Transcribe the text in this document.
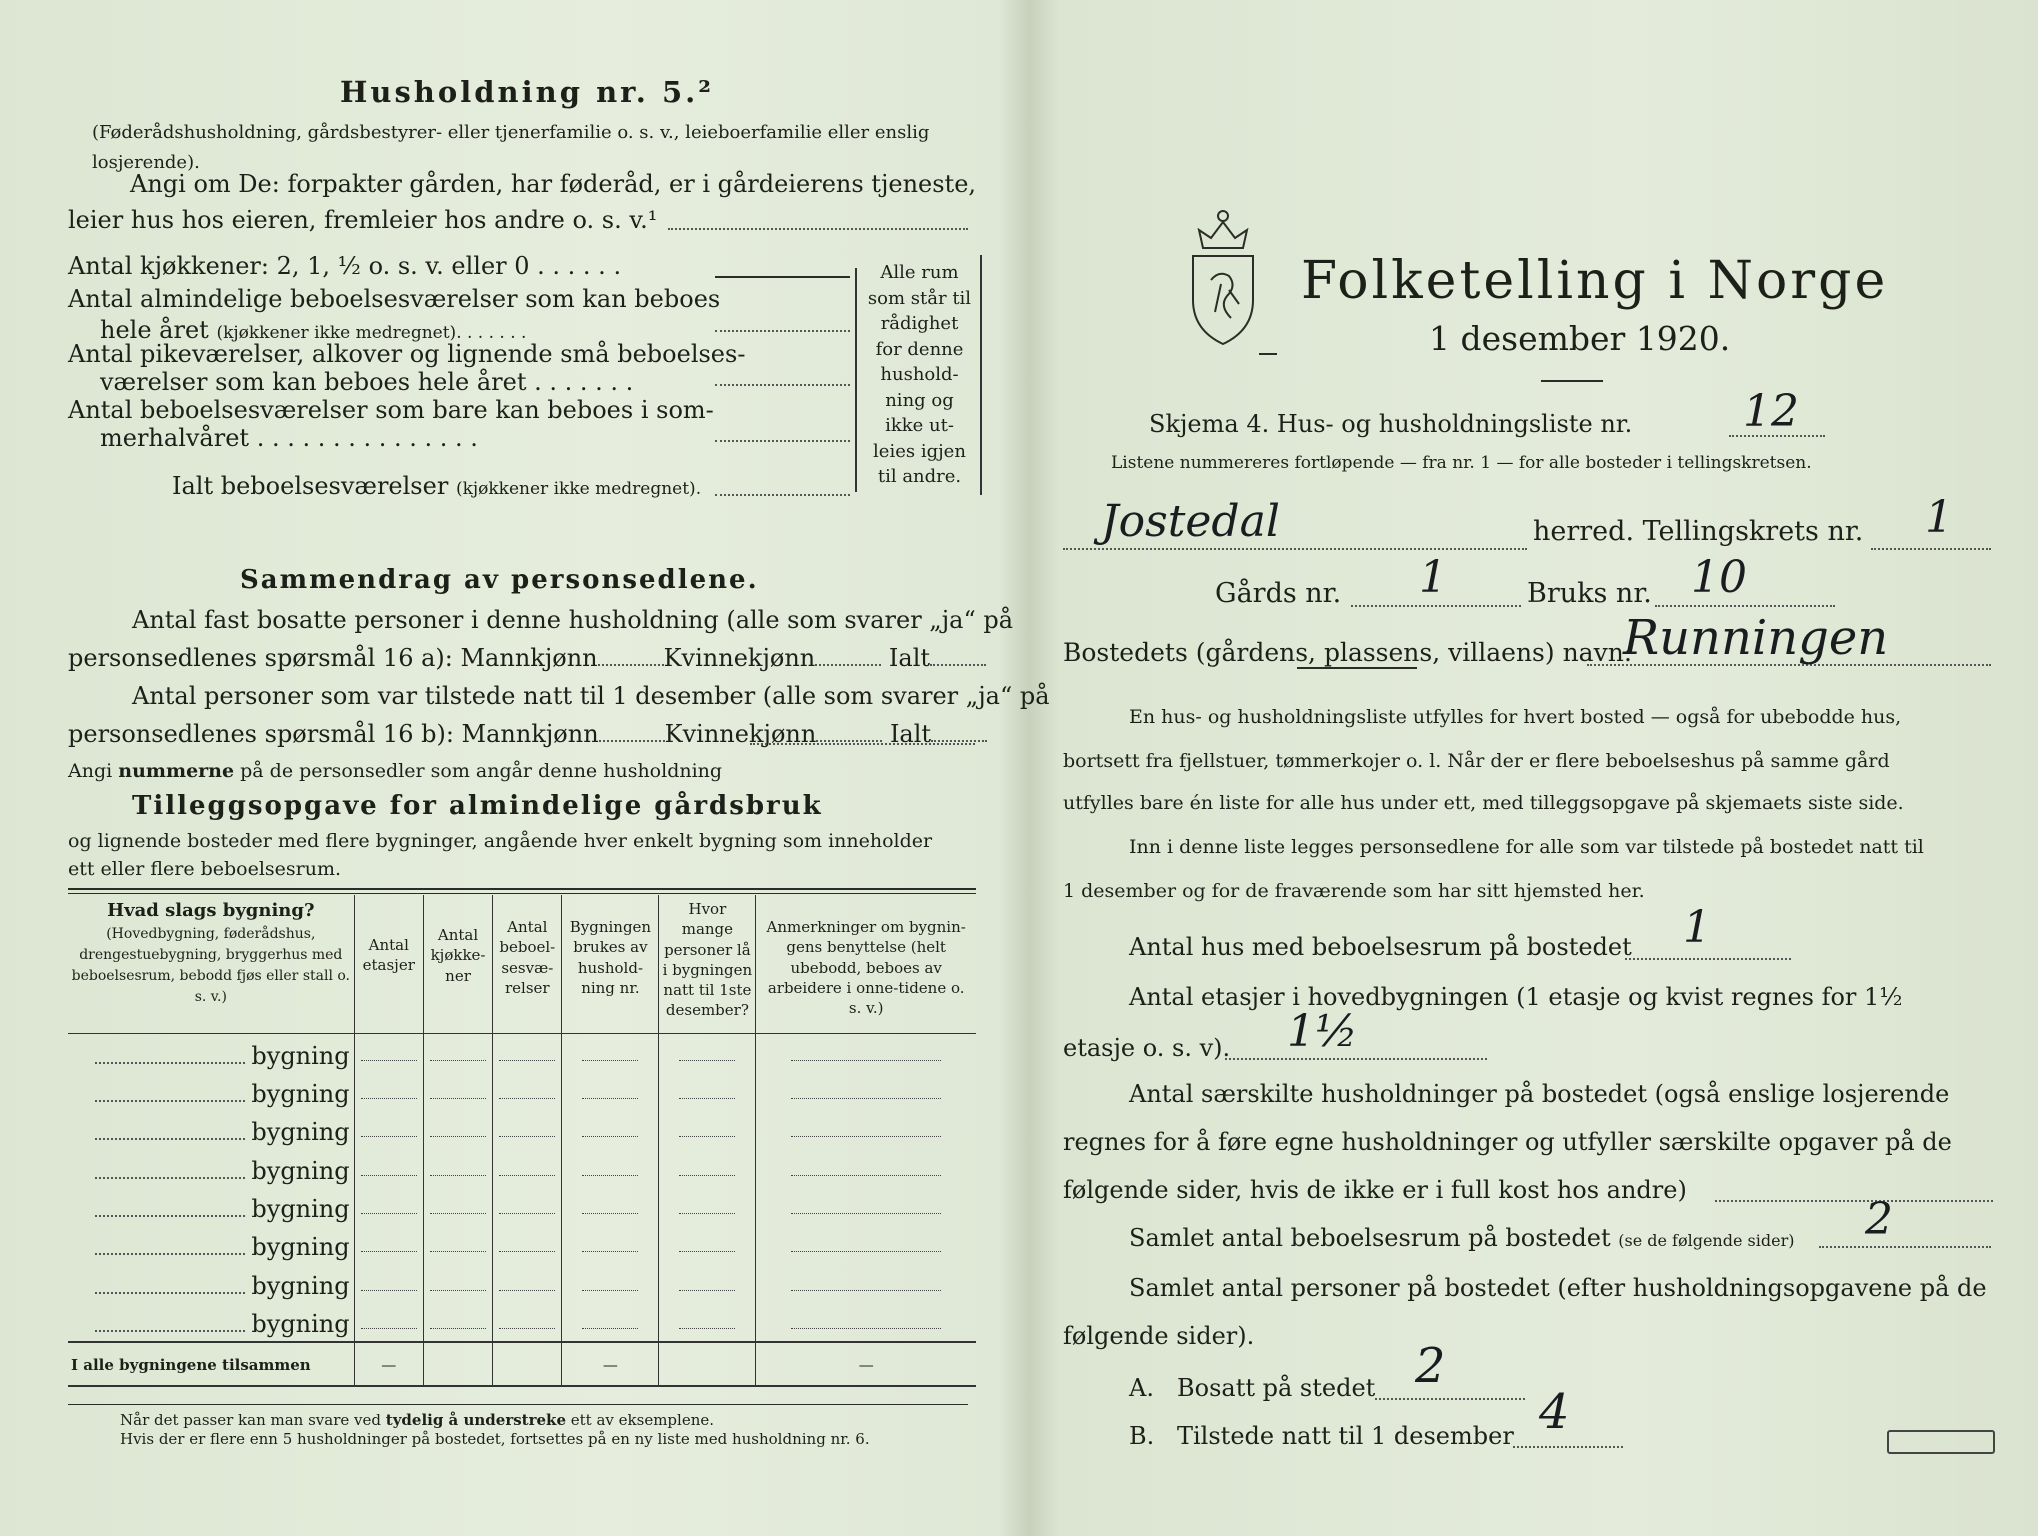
Husholdning nr. 5.²
(Føderådshusholdning, gårdsbestyrer- eller tjenerfamilie o. s. v., leieboerfamilie eller enslig losjerende).
Angi om De: forpakter gården, har føderåd, er i gårdeierens tjeneste,
leier hus hos eieren, fremleier hos andre o. s. v.¹
Antal kjøkkener: 2, 1, ½ o. s. v. eller 0 . . . . . .
Antal almindelige beboelsesværelser som kan beboes
hele året (kjøkkener ikke medregnet). . . . . . .
Antal pikeværelser, alkover og lignende små beboelses-
værelser som kan beboes hele året . . . . . . .
Antal beboelsesværelser som bare kan beboes i som-
merhalvåret . . . . . . . . . . . . . . .
Ialt beboelsesværelser (kjøkkener ikke medregnet).
Alle rum
som står til
rådighet
for denne
hushold-
ning og
ikke ut-
leies igjen
til andre.
Sammendrag av personsedlene.
Antal fast bosatte personer i denne husholdning (alle som svarer „ja“ på
personsedlenes spørsmål 16 a): Mannkjønn	Kvinnekjønn	Ialt
personsedlenes spørsmål 16 b): Mannkjønn	Kvinnekjønn	Ialt
Antal personer som var tilstede natt til 1 desember (alle som svarer „ja“ på
Angi nummerne på de personsedler som angår denne husholdning
Tilleggsopgave for almindelige gårdsbruk
og lignende bosteder med flere bygninger, angående hver enkelt bygning som inneholder
ett eller flere beboelsesrum.
Hvad slags bygning?
(Hovedbygning, føderådshus, drengestuebygning, bryggerhus med beboelsesrum, bebodd fjøs eller stall o. s. v.)	Antal etasjer	Antal kjøkke-ner	Antal beboel-sesvæ-relser	Bygningen brukes av hushold-ning nr.	Hvor mange personer lå i bygningen natt til 1ste desember?	Anmerkninger om bygnin-gens benyttelse (helt ubebodd, beboes av arbeidere i onne-tidene o. s. v.)
bygning	

bygning	

bygning	

bygning	

bygning	

bygning	

bygning	

bygning	

I alle bygningene tilsammen	—			—		—
Når det passer kan man svare ved tydelig å understreke ett av eksemplene.
Hvis der er flere enn 5 husholdninger på bostedet, fortsettes på en ny liste med husholdning nr. 6.
Folketelling i Norge
1 desember 1920.
Skjema 4. Hus- og husholdningsliste nr.	12
Listene nummereres fortløpende — fra nr. 1 — for alle bosteder i tellingskretsen.
Jostedal	herred. Tellingskrets nr. 1
Gårds nr. 1	Bruks nr. 10
Bostedets (gårdens, plassens, villaens) navn:
Runningen
En hus- og husholdningsliste utfylles for hvert bosted — også for ubebodde hus,
bortsett fra fjellstuer, tømmerkojer o. l. Når der er flere beboelseshus på samme gård
utfylles bare én liste for alle hus under ett, med tilleggsopgave på skjemaets siste side.
Inn i denne liste legges personsedlene for alle som var tilstede på bostedet natt til
1 desember og for de fraværende som har sitt hjemsted her.
Antal hus med beboelsesrum på bostedet 1
Antal etasjer i hovedbygningen (1 etasje og kvist regnes for 1½
etasje o. s. v). 1½
Antal særskilte husholdninger på bostedet (også enslige losjerende
regnes for å føre egne husholdninger og utfyller særskilte opgaver på de
følgende sider, hvis de ikke er i full kost hos andre)
Samlet antal beboelsesrum på bostedet (se de følgende sider) 2
Samlet antal personer på bostedet (efter husholdningsopgavene på de
følgende sider).
A. Bosatt på stedet 2
B. Tilstede natt til 1 desember 4
